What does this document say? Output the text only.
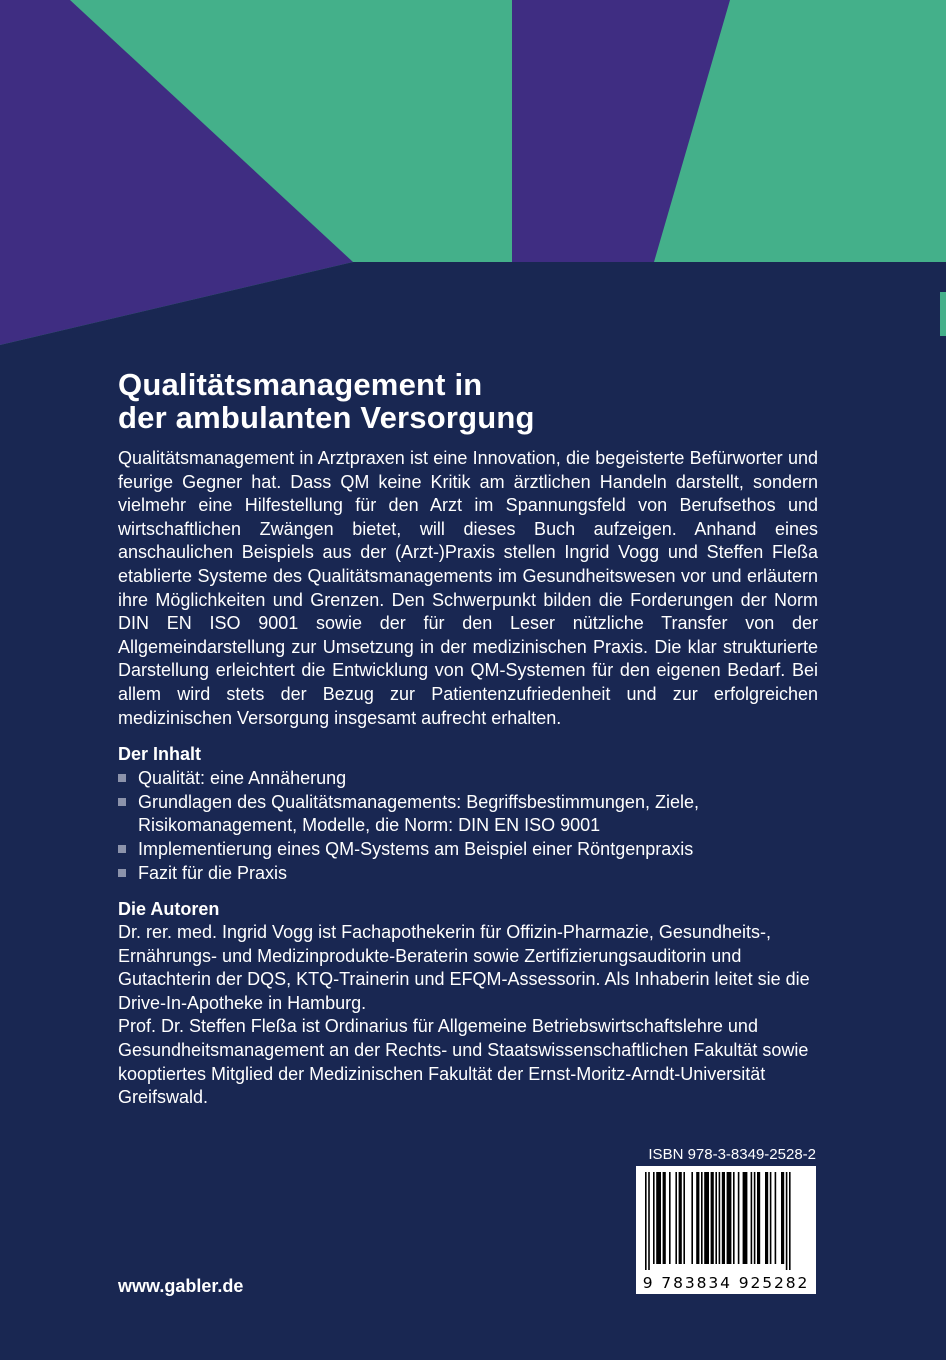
Qualitätsmanagement in
der ambulanten Versorgung

Qualitätsmanagement in Arztpraxen ist eine Innovation, die begeisterte Befürworter und feurige Gegner hat. Dass QM keine Kritik am ärztlichen Handeln darstellt, sondern vielmehr eine Hilfestellung für den Arzt im Spannungsfeld von Berufsethos und wirtschaftlichen Zwängen bietet, will dieses Buch aufzeigen. Anhand eines anschaulichen Beispiels aus der (Arzt-)Praxis stellen Ingrid Vogg und Steffen Fleßa etablierte Systeme des Qualitätsmanagements im Gesundheitswesen vor und erläutern ihre Möglichkeiten und Grenzen. Den Schwerpunkt bilden die Forderungen der Norm DIN EN ISO 9001 sowie der für den Leser nützliche Transfer von der Allgemeindarstellung zur Umsetzung in der medizinischen Praxis. Die klar strukturierte Darstellung erleichtert die Entwicklung von QM-Systemen für den eigenen Bedarf. Bei allem wird stets der Bezug zur Patientenzufriedenheit und zur erfolgreichen medizinischen Versorgung insgesamt aufrecht erhalten.

Der Inhalt
Qualität: eine Annäherung
Grundlagen des Qualitätsmanagements: Begriffsbestimmungen, Ziele, Risikomanagement, Modelle, die Norm: DIN EN ISO 9001
Implementierung eines QM-Systems am Beispiel einer Röntgenpraxis
Fazit für die Praxis
Die Autoren

Dr. rer. med. Ingrid Vogg ist Fachapothekerin für Offizin-Pharmazie, Gesundheits-, Ernährungs- und Medizinprodukte-Beraterin sowie Zertifizierungsauditorin und Gutachterin der DQS, KTQ-Trainerin und EFQM-Assessorin. Als Inhaberin leitet sie die Drive-In-Apotheke in Hamburg.

Prof. Dr. Steffen Fleßa ist Ordinarius für Allgemeine Betriebswirtschaftslehre und Gesundheitsmanagement an der Rechts- und Staatswissenschaftlichen Fakultät sowie kooptiertes Mitglied der Medizinischen Fakultät der Ernst-Moritz-Arndt-Universität Greifswald.

ISBN 978-3-8349-2528-2
9 783834 925282
www.gabler.de
